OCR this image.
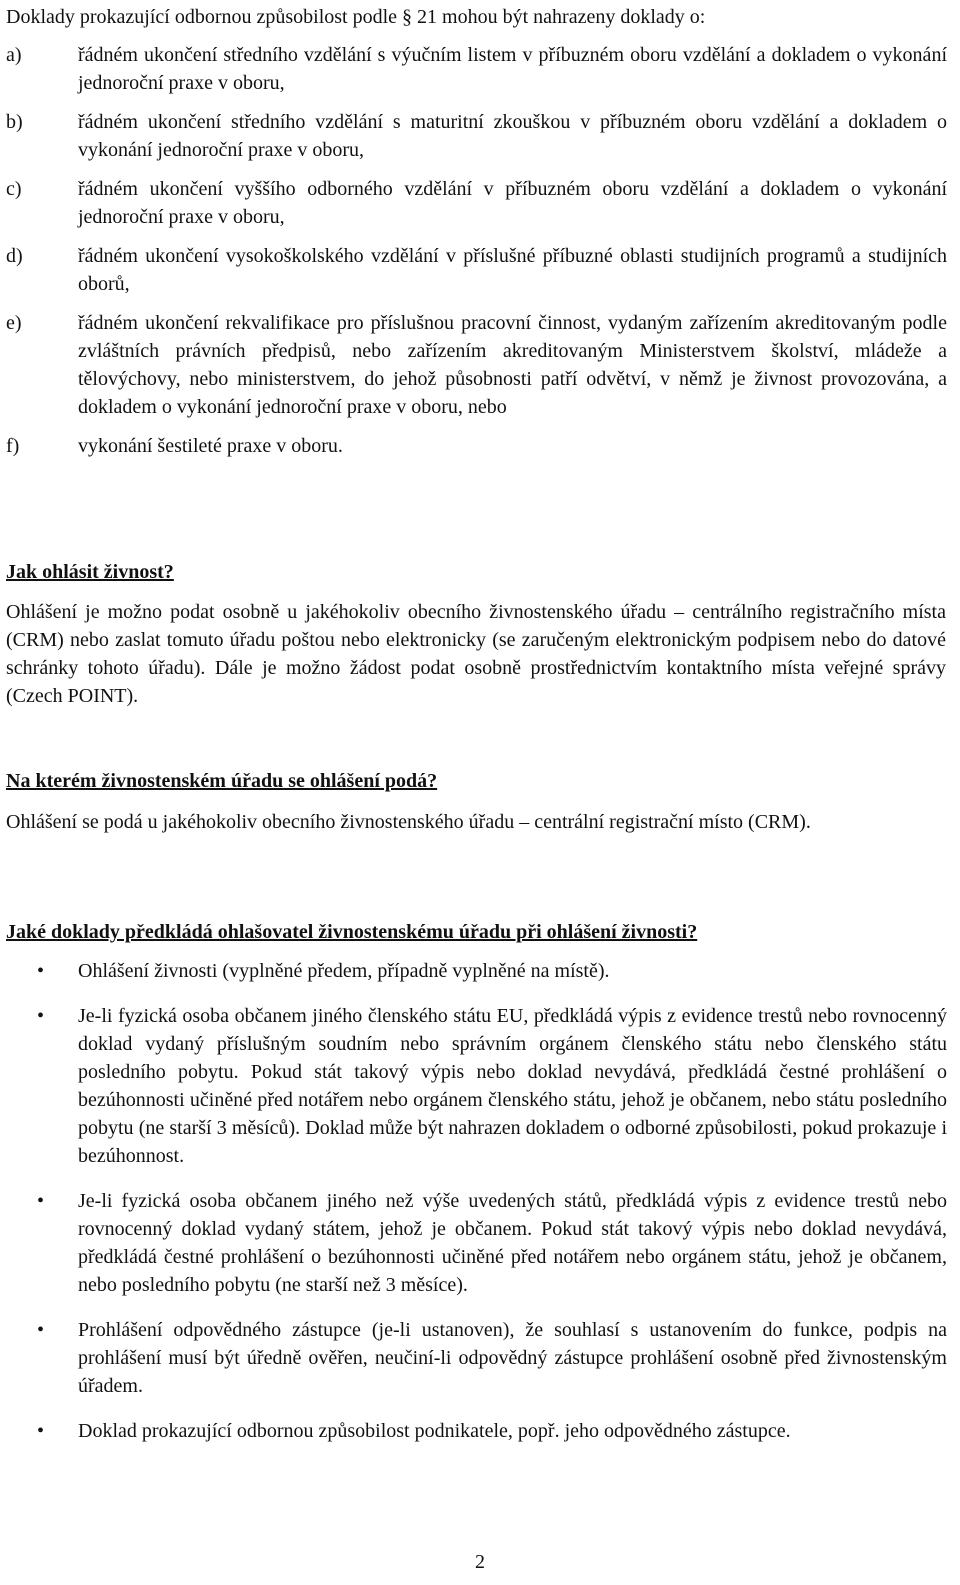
Doklady prokazující odbornou způsobilost podle § 21 mohou být nahrazeny doklady o:

a)	řádném ukončení středního vzdělání s výučním listem v příbuzném oboru vzdělání a dokladem o vykonání jednoroční praxe v oboru,
b)	řádném ukončení středního vzdělání s maturitní zkouškou v příbuzném oboru vzdělání a dokladem o vykonání jednoroční praxe v oboru,
c)	řádném ukončení vyššího odborného vzdělání v příbuzném oboru vzdělání a dokladem o vykonání jednoroční praxe v oboru,
d)	řádném ukončení vysokoškolského vzdělání v příslušné příbuzné oblasti studijních programů a studijních oborů,
e)	řádném ukončení rekvalifikace pro příslušnou pracovní činnost, vydaným zařízením akreditovaným podle zvláštních právních předpisů, nebo zařízením akreditovaným Ministerstvem školství, mládeže a tělovýchovy, nebo ministerstvem, do jehož působnosti patří odvětví, v němž je živnost provozována, a dokladem o vykonání jednoroční praxe v oboru, nebo
f)	vykonání šestileté praxe v oboru.
Jak ohlásit živnost?

Ohlášení je možno podat osobně u jakéhokoliv obecního živnostenského úřadu – centrálního registračního místa (CRM) nebo zaslat tomuto úřadu poštou nebo elektronicky (se zaručeným elektronickým podpisem nebo do datové schránky tohoto úřadu). Dále je možno žádost podat osobně prostřednictvím kontaktního místa veřejné správy (Czech POINT).

Na kterém živnostenském úřadu se ohlášení podá?

Ohlášení se podá u jakéhokoliv obecního živnostenského úřadu – centrální registrační místo (CRM).

Jaké doklady předkládá ohlašovatel živnostenskému úřadu při ohlášení živnosti?
•	Ohlášení živnosti (vyplněné předem, případně vyplněné na místě).
•	Je-li fyzická osoba občanem jiného členského státu EU, předkládá výpis z evidence trestů nebo rovnocenný doklad vydaný příslušným soudním nebo správním orgánem členského státu nebo členského státu posledního pobytu. Pokud stát takový výpis nebo doklad nevydává, předkládá čestné prohlášení o bezúhonnosti učiněné před notářem nebo orgánem členského státu, jehož je občanem, nebo státu posledního pobytu (ne starší 3 měsíců). Doklad může být nahrazen dokladem o odborné způsobilosti, pokud prokazuje i bezúhonnost.
•	Je-li fyzická osoba občanem jiného než výše uvedených států, předkládá výpis z evidence trestů nebo rovnocenný doklad vydaný státem, jehož je občanem. Pokud stát takový výpis nebo doklad nevydává, předkládá čestné prohlášení o bezúhonnosti učiněné před notářem nebo orgánem státu, jehož je občanem, nebo posledního pobytu (ne starší než 3 měsíce).
•	Prohlášení odpovědného zástupce (je-li ustanoven), že souhlasí s ustanovením do funkce, podpis na prohlášení musí být úředně ověřen, neučiní-li odpovědný zástupce prohlášení osobně před živnostenským úřadem.
•	Doklad prokazující odbornou způsobilost podnikatele, popř. jeho odpovědného zástupce.

2
